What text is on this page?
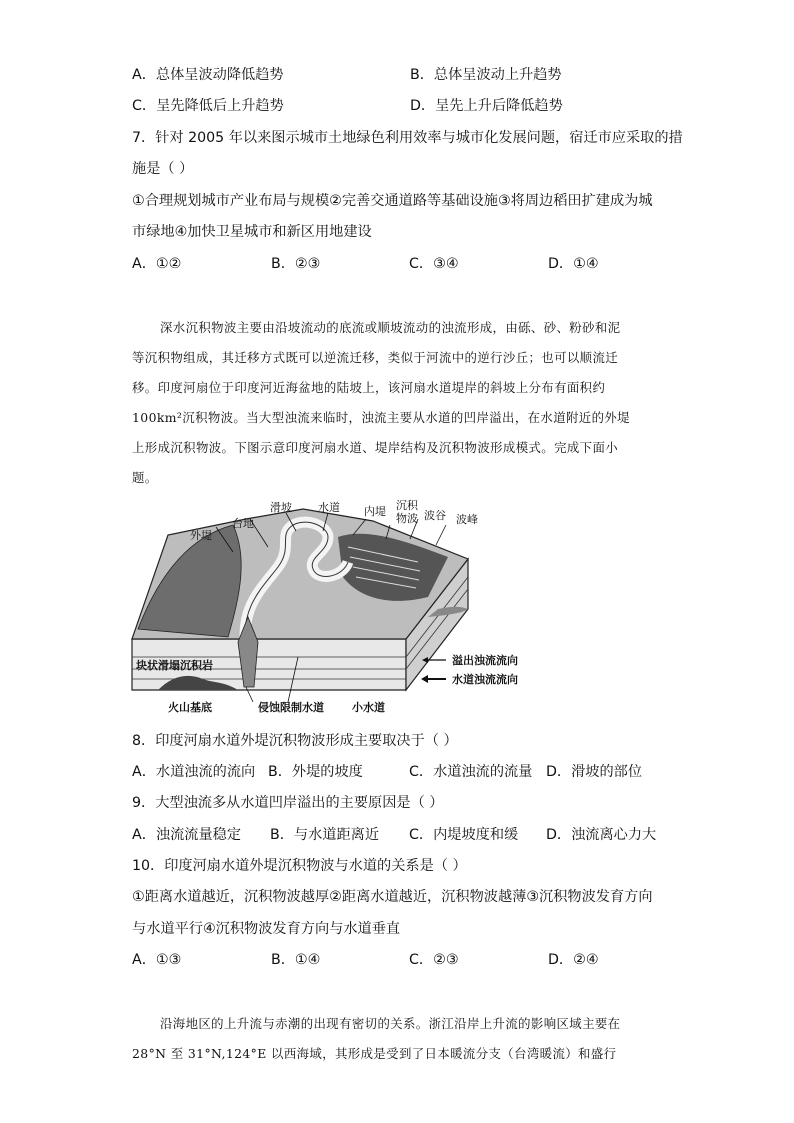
A．总体呈波动降低趋势	B．总体呈波动上升趋势
C．呈先降低后上升趋势	D．呈先上升后降低趋势
7．针对 2005 年以来图示城市土地绿色利用效率与城市化发展问题，宿迁市应采取的措
施是（ ）
①合理规划城市产业布局与规模②完善交通道路等基础设施③将周边稻田扩建成为城
市绿地④加快卫星城市和新区用地建设
A．①②	B．②③	C．③④	D．①④
深水沉积物波主要由沿坡流动的底流或顺坡流动的浊流形成，由砾、砂、粉砂和泥
等沉积物组成，其迁移方式既可以逆流迁移，类似于河流中的逆行沙丘；也可以顺流迁
移。印度河扇位于印度河近海盆地的陆坡上，该河扇水道堤岸的斜坡上分布有面积约
100km²沉积物波。当大型浊流来临时，浊流主要从水道的凹岸溢出，在水道附近的外堤
上形成沉积物波。下图示意印度河扇水道、堤岸结构及沉积物波形成模式。完成下面小
题。
外堤
台地
滑坡 水道 内堤 沉积
物波 波谷 波峰
块状滑塌沉积岩
火山基底	侵蚀限制水道	小水道
溢出浊流流向
水道浊流流向
8．印度河扇水道外堤沉积物波形成主要取决于（ ）
A．水道浊流的流向 B．外堤的坡度	C．水道浊流的流量 D．滑坡的部位
9．大型浊流多从水道凹岸溢出的主要原因是（ ）
A．浊流流量稳定 B．与水道距离近 C．内堤坡度和缓 D．浊流离心力大
10．印度河扇水道外堤沉积物波与水道的关系是（ ）
①距离水道越近，沉积物波越厚②距离水道越近，沉积物波越薄③沉积物波发育方向
与水道平行④沉积物波发育方向与水道垂直
A．①③	B．①④	C．②③	D．②④
沿海地区的上升流与赤潮的出现有密切的关系。浙江沿岸上升流的影响区域主要在
28°N 至 31°N,124°E 以西海域，其形成是受到了日本暖流分支（台湾暖流）和盛行
